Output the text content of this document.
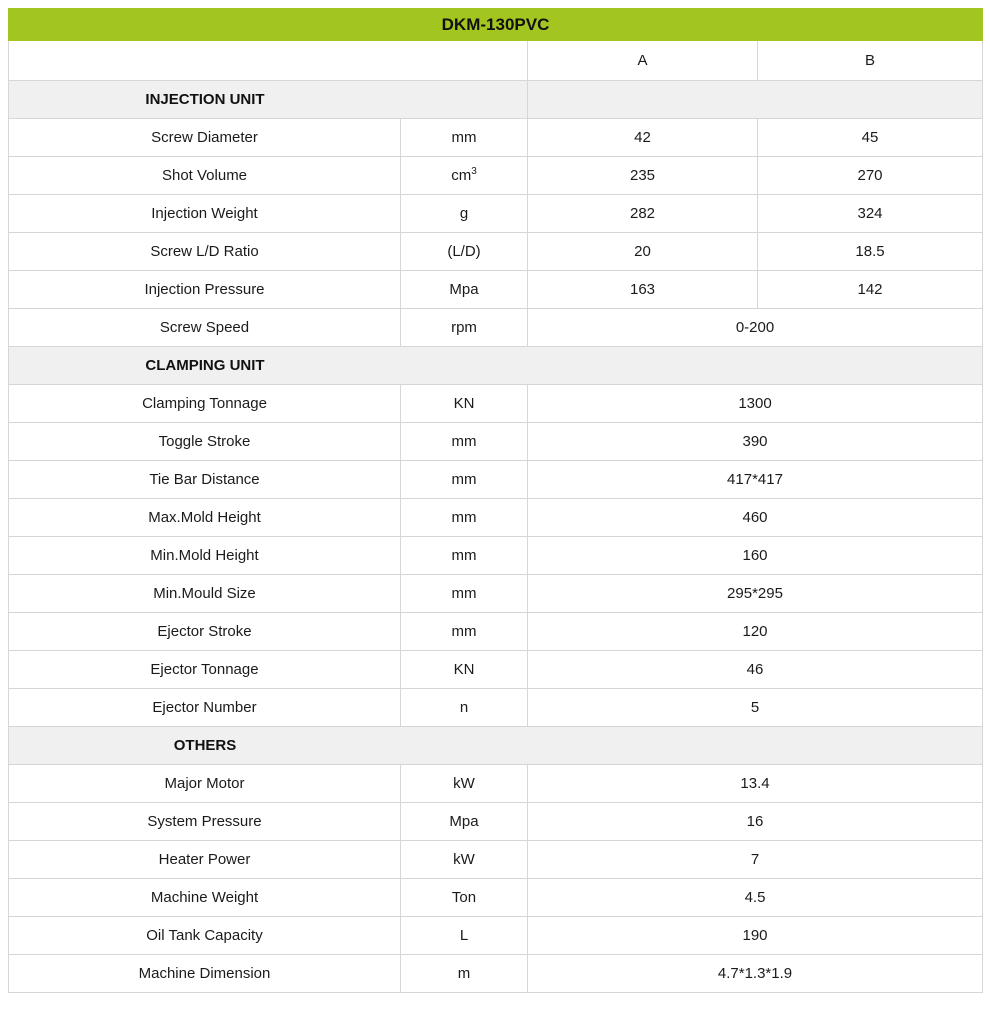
DKM-130PVC			
		A	B

INJECTION UNIT			

Screw Diameter	mm	42	45
Shot Volume	$cm^3$	235	270
Injection Weight	g	282	324
Screw L/D Ratio	(L/D)	20	18.5
Injection Pressure	Mpa	163	142
Screw Speed	rpm	0-200	

CLAMPING UNIT			

Clamping Tonnage	KN	1300	
Toggle Stroke	mm	390	
Tie Bar Distance	mm	417*417	
Max.Mold Height	mm	460	
Min.Mold Height	mm	160	
Min.Mould Size	mm	295*295	
Ejector Stroke	mm	120	
Ejector Tonnage	KN	46	
Ejector Number	n	5	

OTHERS			

Major Motor	kW	13.4	
System Pressure	Mpa	16	
Heater Power	kW	7	
Machine Weight	Ton	4.5	
Oil Tank Capacity	L	190	
Machine Dimension	m	4.7*1.3*1.9	
